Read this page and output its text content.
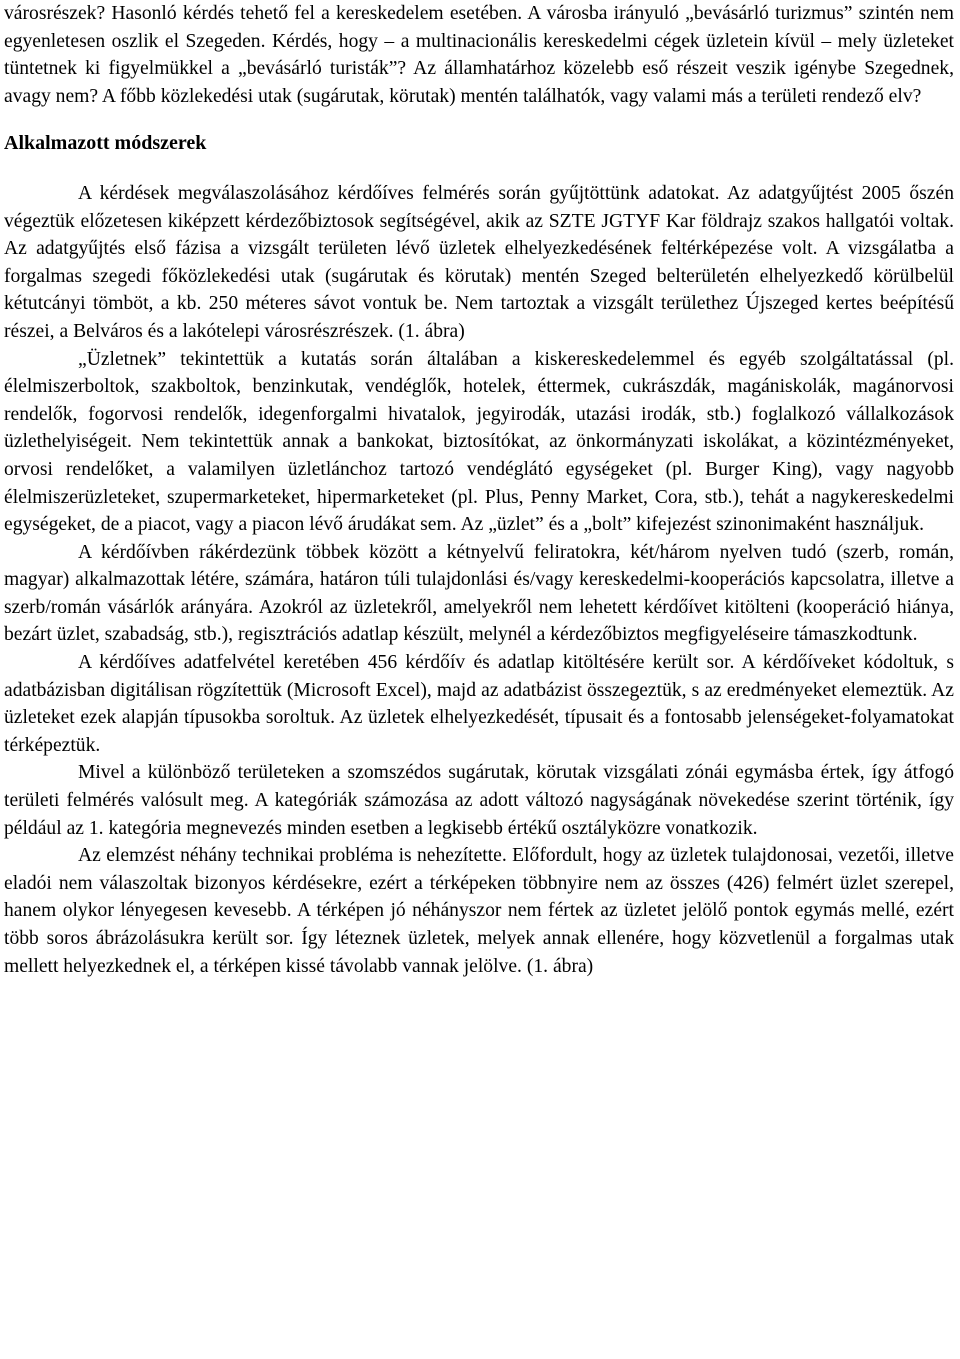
városrészek? Hasonló kérdés tehető fel a kereskedelem esetében. A városba irányuló „bevásárló turizmus” szintén nem egyenletesen oszlik el Szegeden. Kérdés, hogy – a multinacionális kereskedelmi cégek üzletein kívül – mely üzleteket tüntetnek ki figyelmükkel a „bevásárló turisták”? Az államhatárhoz közelebb eső részeit veszik igénybe Szegednek, avagy nem? A főbb közlekedési utak (sugárutak, körutak) mentén találhatók, vagy valami más a területi rendező elv?

Alkalmazott módszerek

A kérdések megválaszolásához kérdőíves felmérés során gyűjtöttünk adatokat. Az adatgyűjtést 2005 őszén végeztük előzetesen kiképzett kérdezőbiztosok segítségével, akik az SZTE JGTYF Kar földrajz szakos hallgatói voltak. Az adatgyűjtés első fázisa a vizsgált területen lévő üzletek elhelyezkedésének feltérképezése volt. A vizsgálatba a forgalmas szegedi főközlekedési utak (sugárutak és körutak) mentén Szeged belterületén elhelyezkedő körülbelül kétutcányi tömböt, a kb. 250 méteres sávot vontuk be. Nem tartoztak a vizsgált területhez Újszeged kertes beépítésű részei, a Belváros és a lakótelepi városrészrészek. (1. ábra)

„Üzletnek” tekintettük a kutatás során általában a kiskereskedelemmel és egyéb szolgáltatással (pl. élelmiszerboltok, szakboltok, benzinkutak, vendéglők, hotelek, éttermek, cukrászdák, magániskolák, magánorvosi rendelők, fogorvosi rendelők, idegenforgalmi hivatalok, jegyirodák, utazási irodák, stb.) foglalkozó vállalkozások üzlethelyiségeit. Nem tekintettük annak a bankokat, biztosítókat, az önkormányzati iskolákat, a közintézményeket, orvosi rendelőket, a valamilyen üzletlánchoz tartozó vendéglátó egységeket (pl. Burger King), vagy nagyobb élelmiszerüzleteket, szupermarketeket, hipermarketeket (pl. Plus, Penny Market, Cora, stb.), tehát a nagykereskedelmi egységeket, de a piacot, vagy a piacon lévő árudákat sem. Az „üzlet” és a „bolt” kifejezést szinonimaként használjuk.

A kérdőívben rákérdezünk többek között a kétnyelvű feliratokra, két/három nyelven tudó (szerb, román, magyar) alkalmazottak létére, számára, határon túli tulajdonlási és/vagy kereskedelmi-kooperációs kapcsolatra, illetve a szerb/román vásárlók arányára. Azokról az üzletekről, amelyekről nem lehetett kérdőívet kitölteni (kooperáció hiánya, bezárt üzlet, szabadság, stb.), regisztrációs adatlap készült, melynél a kérdezőbiztos megfigyeléseire támaszkodtunk.

A kérdőíves adatfelvétel keretében 456 kérdőív és adatlap kitöltésére került sor. A kérdőíveket kódoltuk, s adatbázisban digitálisan rögzítettük (Microsoft Excel), majd az adatbázist összegeztük, s az eredményeket elemeztük. Az üzleteket ezek alapján típusokba soroltuk. Az üzletek elhelyezkedését, típusait és a fontosabb jelenségeket-folyamatokat térképeztük.

Mivel a különböző területeken a szomszédos sugárutak, körutak vizsgálati zónái egymásba értek, így átfogó területi felmérés valósult meg. A kategóriák számozása az adott változó nagyságának növekedése szerint történik, így például az 1. kategória megnevezés minden esetben a legkisebb értékű osztályközre vonatkozik.

Az elemzést néhány technikai probléma is nehezítette. Előfordult, hogy az üzletek tulajdonosai, vezetői, illetve eladói nem válaszoltak bizonyos kérdésekre, ezért a térképeken többnyire nem az összes (426) felmért üzlet szerepel, hanem olykor lényegesen kevesebb. A térképen jó néhányszor nem fértek az üzletet jelölő pontok egymás mellé, ezért több soros ábrázolásukra került sor. Így léteznek üzletek, melyek annak ellenére, hogy közvetlenül a forgalmas utak mellett helyezkednek el, a térképen kissé távolabb vannak jelölve. (1. ábra)
